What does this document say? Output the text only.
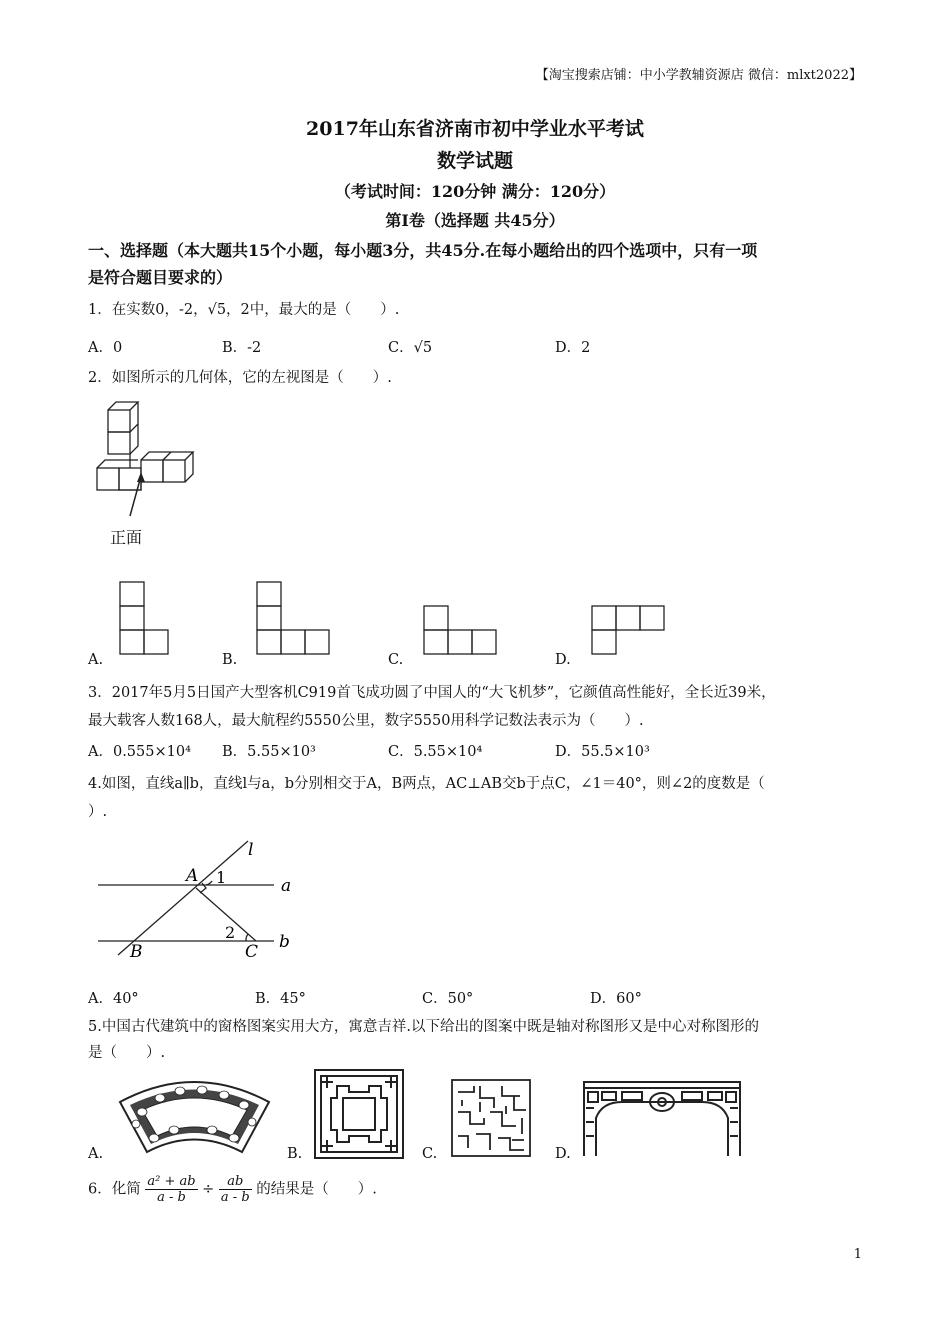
【淘宝搜索店铺：中小学教辅资源店 微信：mlxt2022】
2017年山东省济南市初中学业水平考试
数学试题
（考试时间：120分钟 满分：120分）
第Ⅰ卷（选择题 共45分）
一、选择题（本大题共15个小题，每小题3分，共45分.在每小题给出的四个选项中，只有一项
是符合题目要求的）
1．在实数0，-2，√5，2中，最大的是（　　）.
A．0	B．-2	C．√5	D．2
2．如图所示的几何体，它的左视图是（　　）.
正面
A.	B.	C.	D.
3．2017年5月5日国产大型客机C919首飞成功圆了中国人的“大飞机梦”，它颜值高性能好，全长近39米，
最大载客人数168人，最大航程约5550公里，数字5550用科学记数法表示为（　　）.
A．0.555×10⁴ B．5.55×10³	C．5.55×10⁴	D．55.5×10³
4.如图，直线a∥b，直线l与a，b分别相交于A，B两点，AC⊥AB交b于点C，∠1＝40°，则∠2的度数是（
）.
l
a
b
A
B	C
1
2
A．40°	B．45°	C．50°	D．60°
5.中国古代建筑中的窗格图案实用大方，寓意吉祥.以下给出的图案中既是轴对称图形又是中心对称图形的
是（　　）.
A.	B.	C.	D.
6．化简 $\frac{\text{a² + ab}}{a - b} \div \frac{ab}{a - b}$ 的结果是（　　）.
1
